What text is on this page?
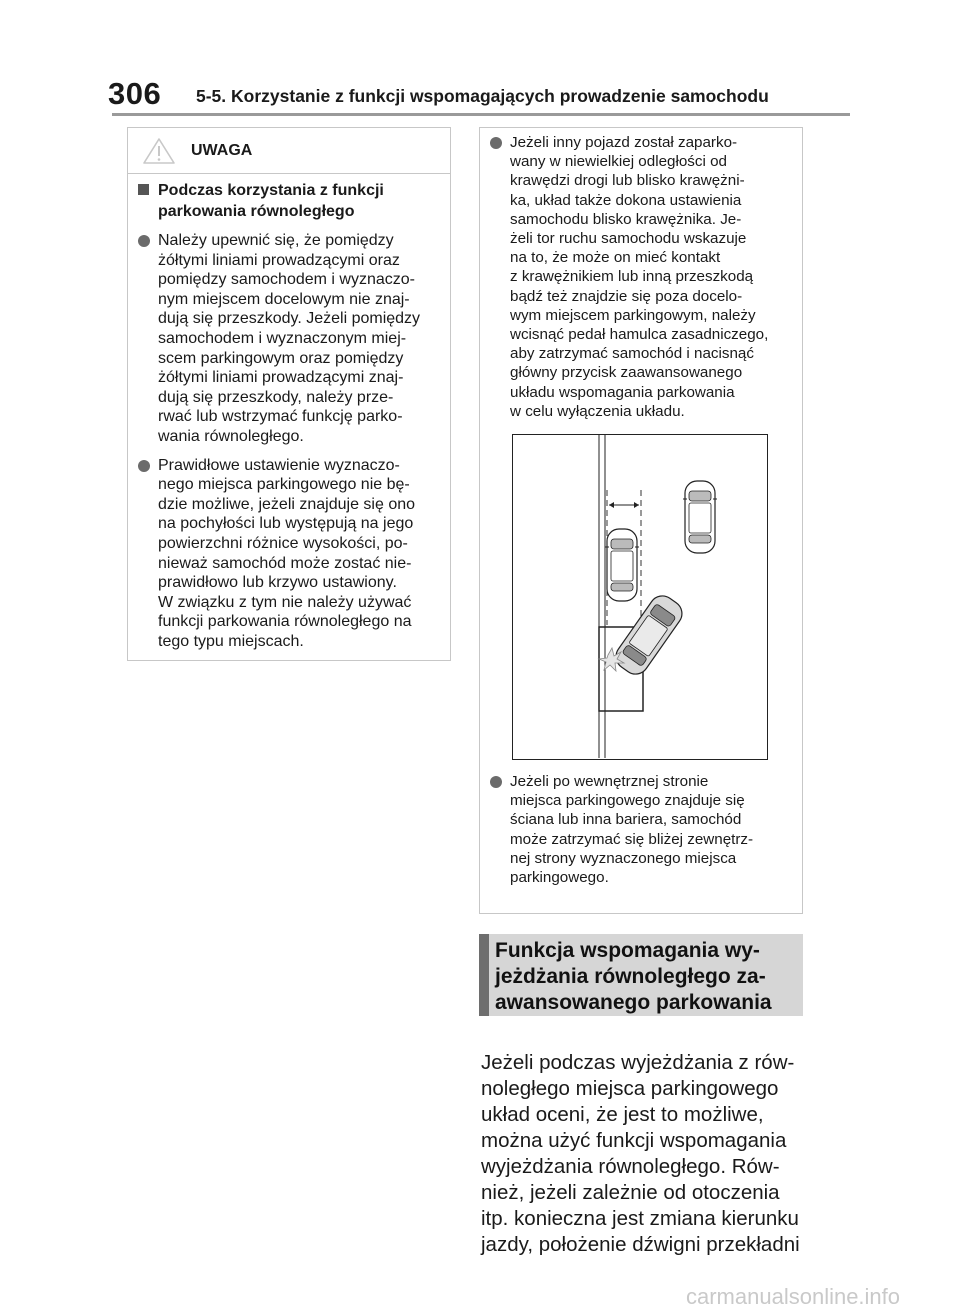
306 5-5. Korzystanie z funkcji wspomagających prowadzenie samochodu
UWAGA
Podczas korzystania z funkcji
parkowania równoległego
Należy upewnić się, że pomiędzy
żółtymi liniami prowadzącymi oraz
pomiędzy samochodem i wyznaczo-
nym miejscem docelowym nie znaj-
dują się przeszkody. Jeżeli pomiędzy
samochodem i wyznaczonym miej-
scem parkingowym oraz pomiędzy
żółtymi liniami prowadzącymi znaj-
dują się przeszkody, należy prze-
rwać lub wstrzymać funkcję parko-
wania równoległego.
Prawidłowe ustawienie wyznaczo-
nego miejsca parkingowego nie bę-
dzie możliwe, jeżeli znajduje się ono
na pochyłości lub występują na jego
powierzchni różnice wysokości, po-
nieważ samochód może zostać nie-
prawidłowo lub krzywo ustawiony.
W związku z tym nie należy używać
funkcji parkowania równoległego na
tego typu miejscach.
Jeżeli inny pojazd został zaparko-
wany w niewielkiej odległości od
krawędzi drogi lub blisko krawężni-
ka, układ także dokona ustawienia
samochodu blisko krawężnika. Je-
żeli tor ruchu samochodu wskazuje
na to, że może on mieć kontakt
z krawężnikiem lub inną przeszkodą
bądź też znajdzie się poza docelo-
wym miejscem parkingowym, należy
wcisnąć pedał hamulca zasadniczego,
aby zatrzymać samochód i nacisnąć
główny przycisk zaawansowanego
układu wspomagania parkowania
w celu wyłączenia układu.
Jeżeli po wewnętrznej stronie
miejsca parkingowego znajduje się
ściana lub inna bariera, samochód
może zatrzymać się bliżej zewnętrz-
nej strony wyznaczonego miejsca
parkingowego.
Funkcja wspomagania wy-
jeżdżania równoległego za-
awansowanego parkowania
Jeżeli podczas wyjeżdżania z rów-
noległego miejsca parkingowego
układ oceni, że jest to możliwe,
można użyć funkcji wspomagania
wyjeżdżania równoległego. Rów-
nież, jeżeli zależnie od otoczenia
itp. konieczna jest zmiana kierunku
jazdy, położenie dźwigni przekładni
carmanualsonline.info
